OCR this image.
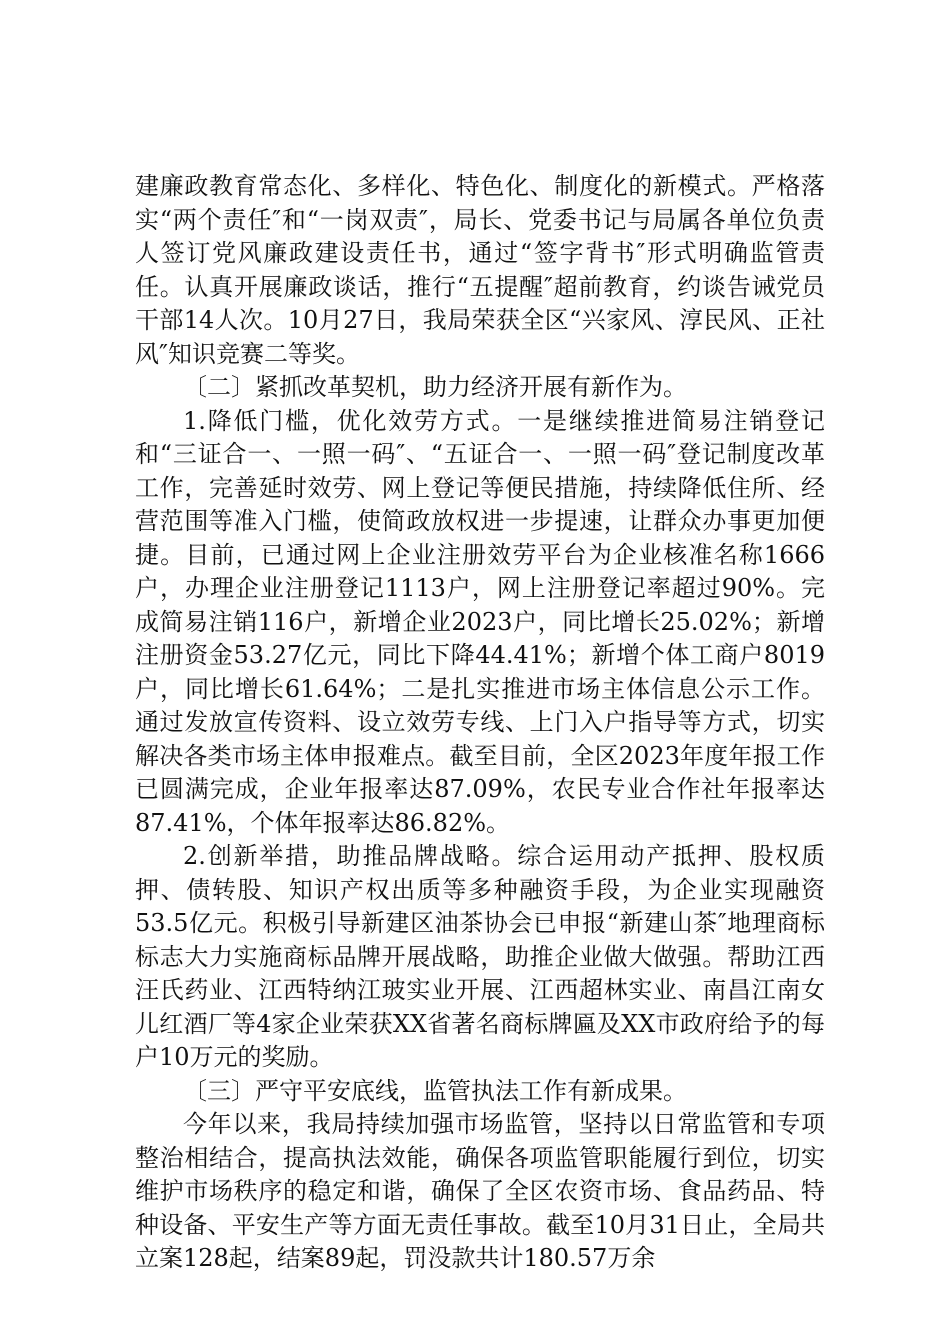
建廉政教育常态化、多样化、特色化、制度化的新模式。严格落实“两个责任″和“一岗双责″，局长、党委书记与局属各单位负责人签订党风廉政建设责任书，通过“签字背书″形式明确监管责任。认真开展廉政谈话，推行“五提醒″超前教育，约谈告诫党员干部14人次。10月27日，我局荣获全区“兴家风、淳民风、正社风″知识竞赛二等奖。

〔二〕紧抓改革契机，助力经济开展有新作为。

1.降低门槛，优化效劳方式。一是继续推进简易注销登记和“三证合一、一照一码″、“五证合一、一照一码″登记制度改革工作，完善延时效劳、网上登记等便民措施，持续降低住所、经营范围等准入门槛，使简政放权进一步提速，让群众办事更加便捷。目前，已通过网上企业注册效劳平台为企业核准名称1666户，办理企业注册登记1113户，网上注册登记率超过90%。完成简易注销116户，新增企业2023户，同比增长25.02%；新增注册资金53.27亿元，同比下降44.41%；新增个体工商户8019户，同比增长61.64%；二是扎实推进市场主体信息公示工作。通过发放宣传资料、设立效劳专线、上门入户指导等方式，切实解决各类市场主体申报难点。截至目前，全区2023年度年报工作已圆满完成，企业年报率达87.09%，农民专业合作社年报率达87.41%，个体年报率达86.82%。

2.创新举措，助推品牌战略。综合运用动产抵押、股权质押、债转股、知识产权出质等多种融资手段，为企业实现融资53.5亿元。积极引导新建区油茶协会已申报“新建山茶″地理商标标志大力实施商标品牌开展战略，助推企业做大做强。帮助江西汪氏药业、江西特纳江玻实业开展、江西超林实业、南昌江南女儿红酒厂等4家企业荣获XX省著名商标牌匾及XX市政府给予的每户10万元的奖励。

〔三〕严守平安底线，监管执法工作有新成果。

今年以来，我局持续加强市场监管，坚持以日常监管和专项整治相结合，提高执法效能，确保各项监管职能履行到位，切实维护市场秩序的稳定和谐，确保了全区农资市场、食品药品、特种设备、平安生产等方面无责任事故。截至10月31日止，全局共立案128起，结案89起，罚没款共计180.57万余
